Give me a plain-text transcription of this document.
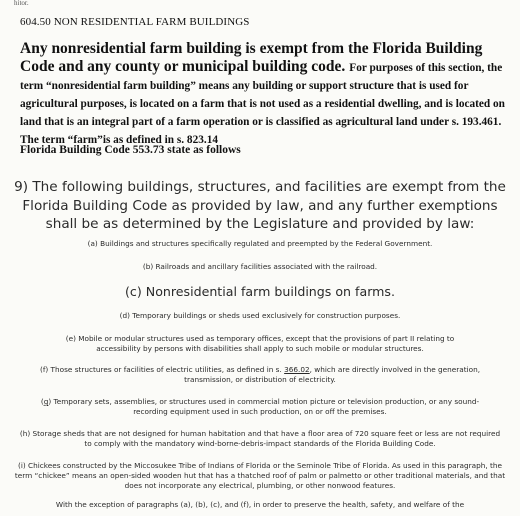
hitor.
604.50 NON RESIDENTIAL FARM BUILDINGS
Any nonresidential farm building is exempt from the Florida Building Code and any county or municipal building code. For purposes of this section, the term “nonresidential farm building” means any building or support structure that is used for agricultural purposes, is located on a farm that is not used as a residential dwelling, and is located on land that is an integral part of a farm operation or is classified as agricultural land under s. 193.461. The term “farm”is as defined in s. 823.14
Florida Building Code 553.73 state as follows
9) The following buildings, structures, and facilities are exempt from the Florida Building Code as provided by law, and any further exemptions shall be as determined by the Legislature and provided by law:
(a) Buildings and structures specifically regulated and preempted by the Federal Government.
(b) Railroads and ancillary facilities associated with the railroad.
(c) Nonresidential farm buildings on farms.
(d) Temporary buildings or sheds used exclusively for construction purposes.
(e) Mobile or modular structures used as temporary offices, except that the provisions of part II relating to accessibility by persons with disabilities shall apply to such mobile or modular structures.
(f) Those structures or facilities of electric utilities, as defined in s. 366.02, which are directly involved in the generation, transmission, or distribution of electricity.
(g) Temporary sets, assemblies, or structures used in commercial motion picture or television production, or any sound-recording equipment used in such production, on or off the premises.
(h) Storage sheds that are not designed for human habitation and that have a floor area of 720 square feet or less are not required to comply with the mandatory wind-borne-debris-impact standards of the Florida Building Code.
(i) Chickees constructed by the Miccosukee Tribe of Indians of Florida or the Seminole Tribe of Florida. As used in this paragraph, the term “chickee” means an open-sided wooden hut that has a thatched roof of palm or palmetto or other traditional materials, and that does not incorporate any electrical, plumbing, or other nonwood features.
With the exception of paragraphs (a), (b), (c), and (f), in order to preserve the health, safety, and welfare of the
